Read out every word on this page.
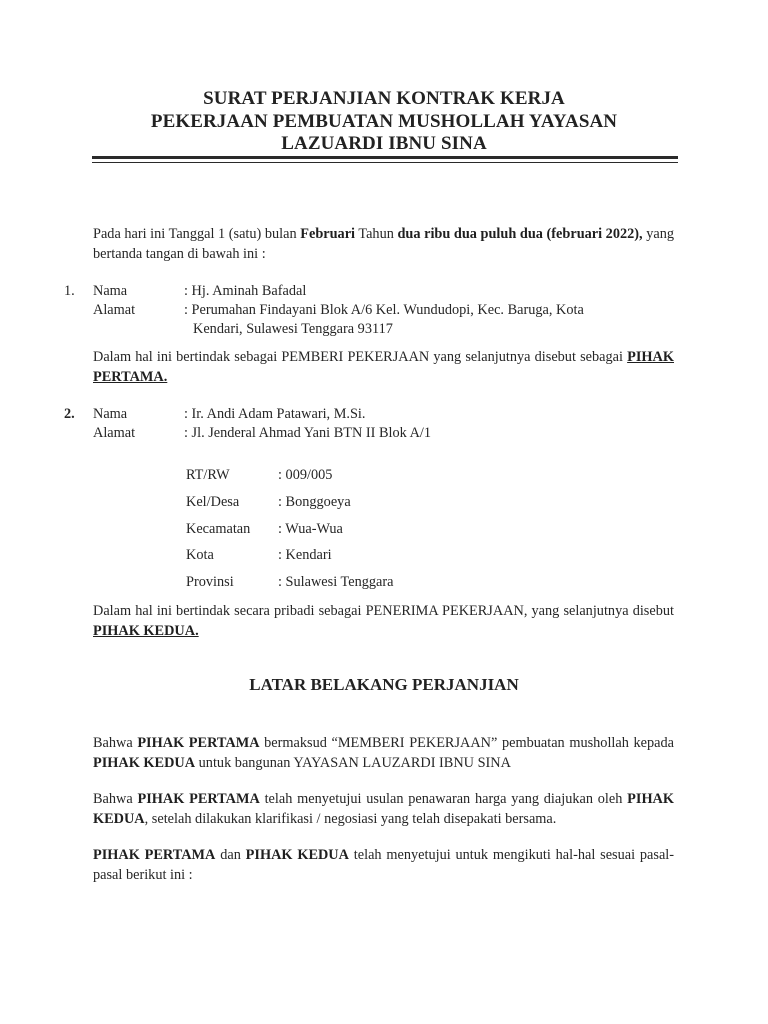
SURAT PERJANJIAN KONTRAK KERJA
PEKERJAAN PEMBUATAN MUSHOLLAH YAYASAN
LAZUARDI IBNU SINA
Pada hari ini Tanggal 1 (satu) bulan Februari Tahun dua ribu dua puluh dua (februari 2022), yang bertanda tangan di bawah ini :
1. Nama	: Hj. Aminah Bafadal
Alamat	: Perumahan Findayani Blok A/6 Kel. Wundudopi, Kec. Baruga, Kota
Kendari, Sulawesi Tenggara 93117
Dalam hal ini bertindak sebagai PEMBERI PEKERJAAN yang selanjutnya disebut sebagai PIHAK PERTAMA.
2. Nama	: Ir. Andi Adam Patawari, M.Si.
Alamat	: Jl. Jenderal Ahmad Yani BTN II Blok A/1
RT/RW	: 009/005
Kel/Desa	: Bonggoeya
Kecamatan : Wua-Wua
Kota	: Kendari
Provinsi	: Sulawesi Tenggara
Dalam hal ini bertindak secara pribadi sebagai PENERIMA PEKERJAAN, yang selanjutnya disebut PIHAK KEDUA.
LATAR BELAKANG PERJANJIAN
Bahwa PIHAK PERTAMA bermaksud “MEMBERI PEKERJAAN” pembuatan mushollah kepada PIHAK KEDUA untuk bangunan YAYASAN LAUZARDI IBNU SINA
Bahwa PIHAK PERTAMA telah menyetujui usulan penawaran harga yang diajukan oleh PIHAK KEDUA, setelah dilakukan klarifikasi / negosiasi yang telah disepakati bersama.
PIHAK PERTAMA dan PIHAK KEDUA telah menyetujui untuk mengikuti hal-hal sesuai pasal-pasal berikut ini :
